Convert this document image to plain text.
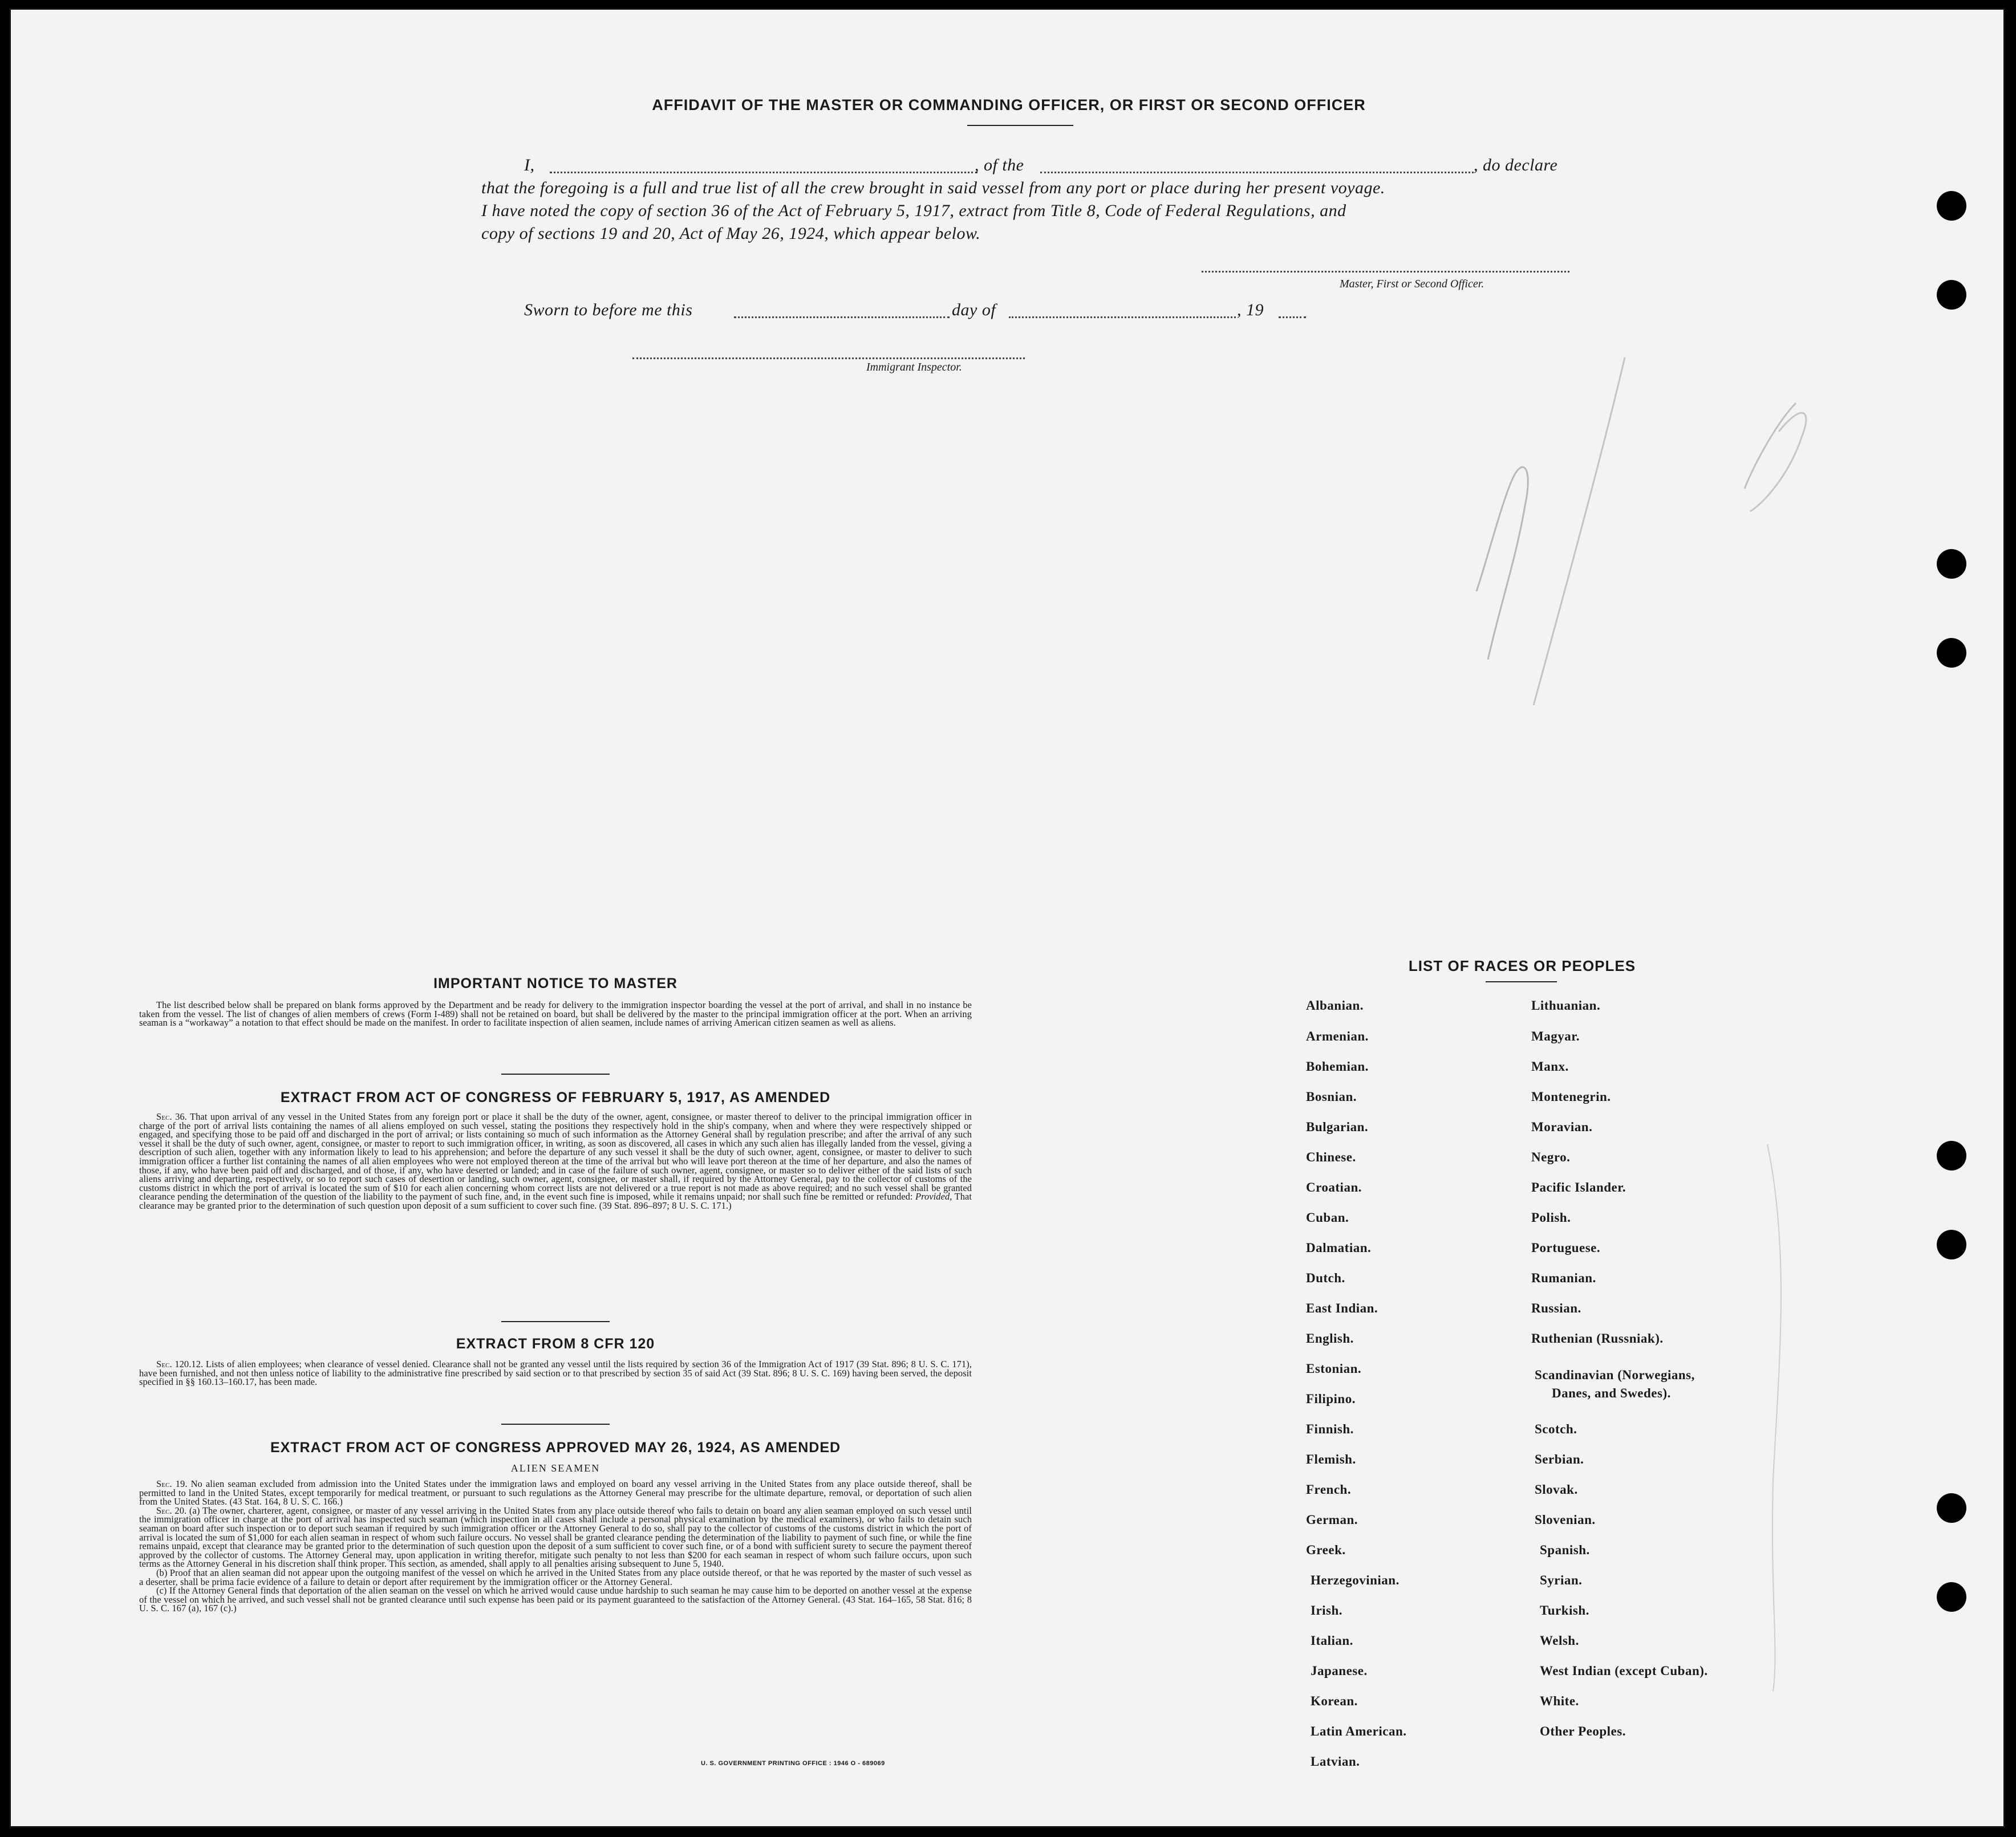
AFFIDAVIT OF THE MASTER OR COMMANDING OFFICER, OR FIRST OR SECOND OFFICER
I,	, of the	, do declare
that the foregoing is a full and true list of all the crew brought in said vessel from any port or place during her present voyage.
I have noted the copy of section 36 of the Act of February 5, 1917, extract from Title 8, Code of Federal Regulations, and
copy of sections 19 and 20, Act of May 26, 1924, which appear below.
Master, First or Second Officer.
Sworn to before me this	day of	, 19
Immigrant Inspector.
IMPORTANT NOTICE TO MASTER

The list described below shall be prepared on blank forms approved by the Department and be ready for delivery to the immigration inspector boarding the vessel at the port of arrival, and shall in no instance be taken from the vessel. The list of changes of alien members of crews (Form I-489) shall not be retained on board, but shall be delivered by the master to the principal immigration officer at the port. When an arriving seaman is a “workaway” a notation to that effect should be made on the manifest. In order to facilitate inspection of alien seamen, include names of arriving American citizen seamen as well as aliens.

EXTRACT FROM ACT OF CONGRESS OF FEBRUARY 5, 1917, AS AMENDED

Sec. 36. That upon arrival of any vessel in the United States from any foreign port or place it shall be the duty of the owner, agent, consignee, or master thereof to deliver to the principal immigration officer in charge of the port of arrival lists containing the names of all aliens employed on such vessel, stating the positions they respectively hold in the ship's company, when and where they were respectively shipped or engaged, and specifying those to be paid off and discharged in the port of arrival; or lists containing so much of such information as the Attorney General shall by regulation prescribe; and after the arrival of any such vessel it shall be the duty of such owner, agent, consignee, or master to report to such immigration officer, in writing, as soon as discovered, all cases in which any such alien has illegally landed from the vessel, giving a description of such alien, together with any information likely to lead to his apprehension; and before the departure of any such vessel it shall be the duty of such owner, agent, consignee, or master to deliver to such immigration officer a further list containing the names of all alien employees who were not employed thereon at the time of the arrival but who will leave port thereon at the time of her departure, and also the names of those, if any, who have been paid off and discharged, and of those, if any, who have deserted or landed; and in case of the failure of such owner, agent, consignee, or master so to deliver either of the said lists of such aliens arriving and departing, respectively, or so to report such cases of desertion or landing, such owner, agent, consignee, or master shall, if required by the Attorney General, pay to the collector of customs of the customs district in which the port of arrival is located the sum of $10 for each alien concerning whom correct lists are not delivered or a true report is not made as above required; and no such vessel shall be granted clearance pending the determination of the question of the liability to the payment of such fine, and, in the event such fine is imposed, while it remains unpaid; nor shall such fine be remitted or refunded: Provided, That clearance may be granted prior to the determination of such question upon deposit of a sum sufficient to cover such fine. (39 Stat. 896–897; 8 U. S. C. 171.)

EXTRACT FROM 8 CFR 120

Sec. 120.12. Lists of alien employees; when clearance of vessel denied. Clearance shall not be granted any vessel until the lists required by section 36 of the Immigration Act of 1917 (39 Stat. 896; 8 U. S. C. 171), have been furnished, and not then unless notice of liability to the administrative fine prescribed by said section or to that prescribed by section 35 of said Act (39 Stat. 896; 8 U. S. C. 169) having been served, the deposit specified in §§ 160.13–160.17, has been made.

EXTRACT FROM ACT OF CONGRESS APPROVED MAY 26, 1924, AS AMENDED
ALIEN SEAMEN

Sec. 19. No alien seaman excluded from admission into the United States under the immigration laws and employed on board any vessel arriving in the United States from any place outside thereof, shall be permitted to land in the United States, except temporarily for medical treatment, or pursuant to such regulations as the Attorney General may prescribe for the ultimate departure, removal, or deportation of such alien from the United States. (43 Stat. 164, 8 U. S. C. 166.)

Sec. 20. (a) The owner, charterer, agent, consignee, or master of any vessel arriving in the United States from any place outside thereof who fails to detain on board any alien seaman employed on such vessel until the immigration officer in charge at the port of arrival has inspected such seaman (which inspection in all cases shall include a personal physical examination by the medical examiners), or who fails to detain such seaman on board after such inspection or to deport such seaman if required by such immigration officer or the Attorney General to do so, shall pay to the collector of customs of the customs district in which the port of arrival is located the sum of $1,000 for each alien seaman in respect of whom such failure occurs. No vessel shall be granted clearance pending the determination of the liability to payment of such fine, or while the fine remains unpaid, except that clearance may be granted prior to the determination of such question upon the deposit of a sum sufficient to cover such fine, or of a bond with sufficient surety to secure the payment thereof approved by the collector of customs. The Attorney General may, upon application in writing therefor, mitigate such penalty to not less than $200 for each seaman in respect of whom such failure occurs, upon such terms as the Attorney General in his discretion shall think proper. This section, as amended, shall apply to all penalties arising subsequent to June 5, 1940.

(b) Proof that an alien seaman did not appear upon the outgoing manifest of the vessel on which he arrived in the United States from any place outside thereof, or that he was reported by the master of such vessel as a deserter, shall be prima facie evidence of a failure to detain or deport after requirement by the immigration officer or the Attorney General.

(c) If the Attorney General finds that deportation of the alien seaman on the vessel on which he arrived would cause undue hardship to such seaman he may cause him to be deported on another vessel at the expense of the vessel on which he arrived, and such vessel shall not be granted clearance until such expense has been paid or its payment guaranteed to the satisfaction of the Attorney General. (43 Stat. 164–165, 58 Stat. 816; 8 U. S. C. 167 (a), 167 (c).)

U. S. GOVERNMENT PRINTING OFFICE : 1946 O - 689069
LIST OF RACES OR PEOPLES
Albanian.
Armenian.
Bohemian.
Bosnian.
Bulgarian.
Chinese.
Croatian.
Cuban.
Dalmatian.
Dutch.
East Indian.
English.
Estonian.
Filipino.
Finnish.
Flemish.
French.
German.
Greek.
Herzegovinian.
Irish.
Italian.
Japanese.
Korean.
Latin American.
Latvian.
Lithuanian.
Magyar.
Manx.
Montenegrin.
Moravian.
Negro.
Pacific Islander.
Polish.
Portuguese.
Rumanian.
Russian.
Ruthenian (Russniak).
Scandinavian (Norwegians,
Danes, and Swedes).
Scotch.
Serbian.
Slovak.
Slovenian.
Spanish.
Syrian.
Turkish.
Welsh.
West Indian (except Cuban).
White.
Other Peoples.
